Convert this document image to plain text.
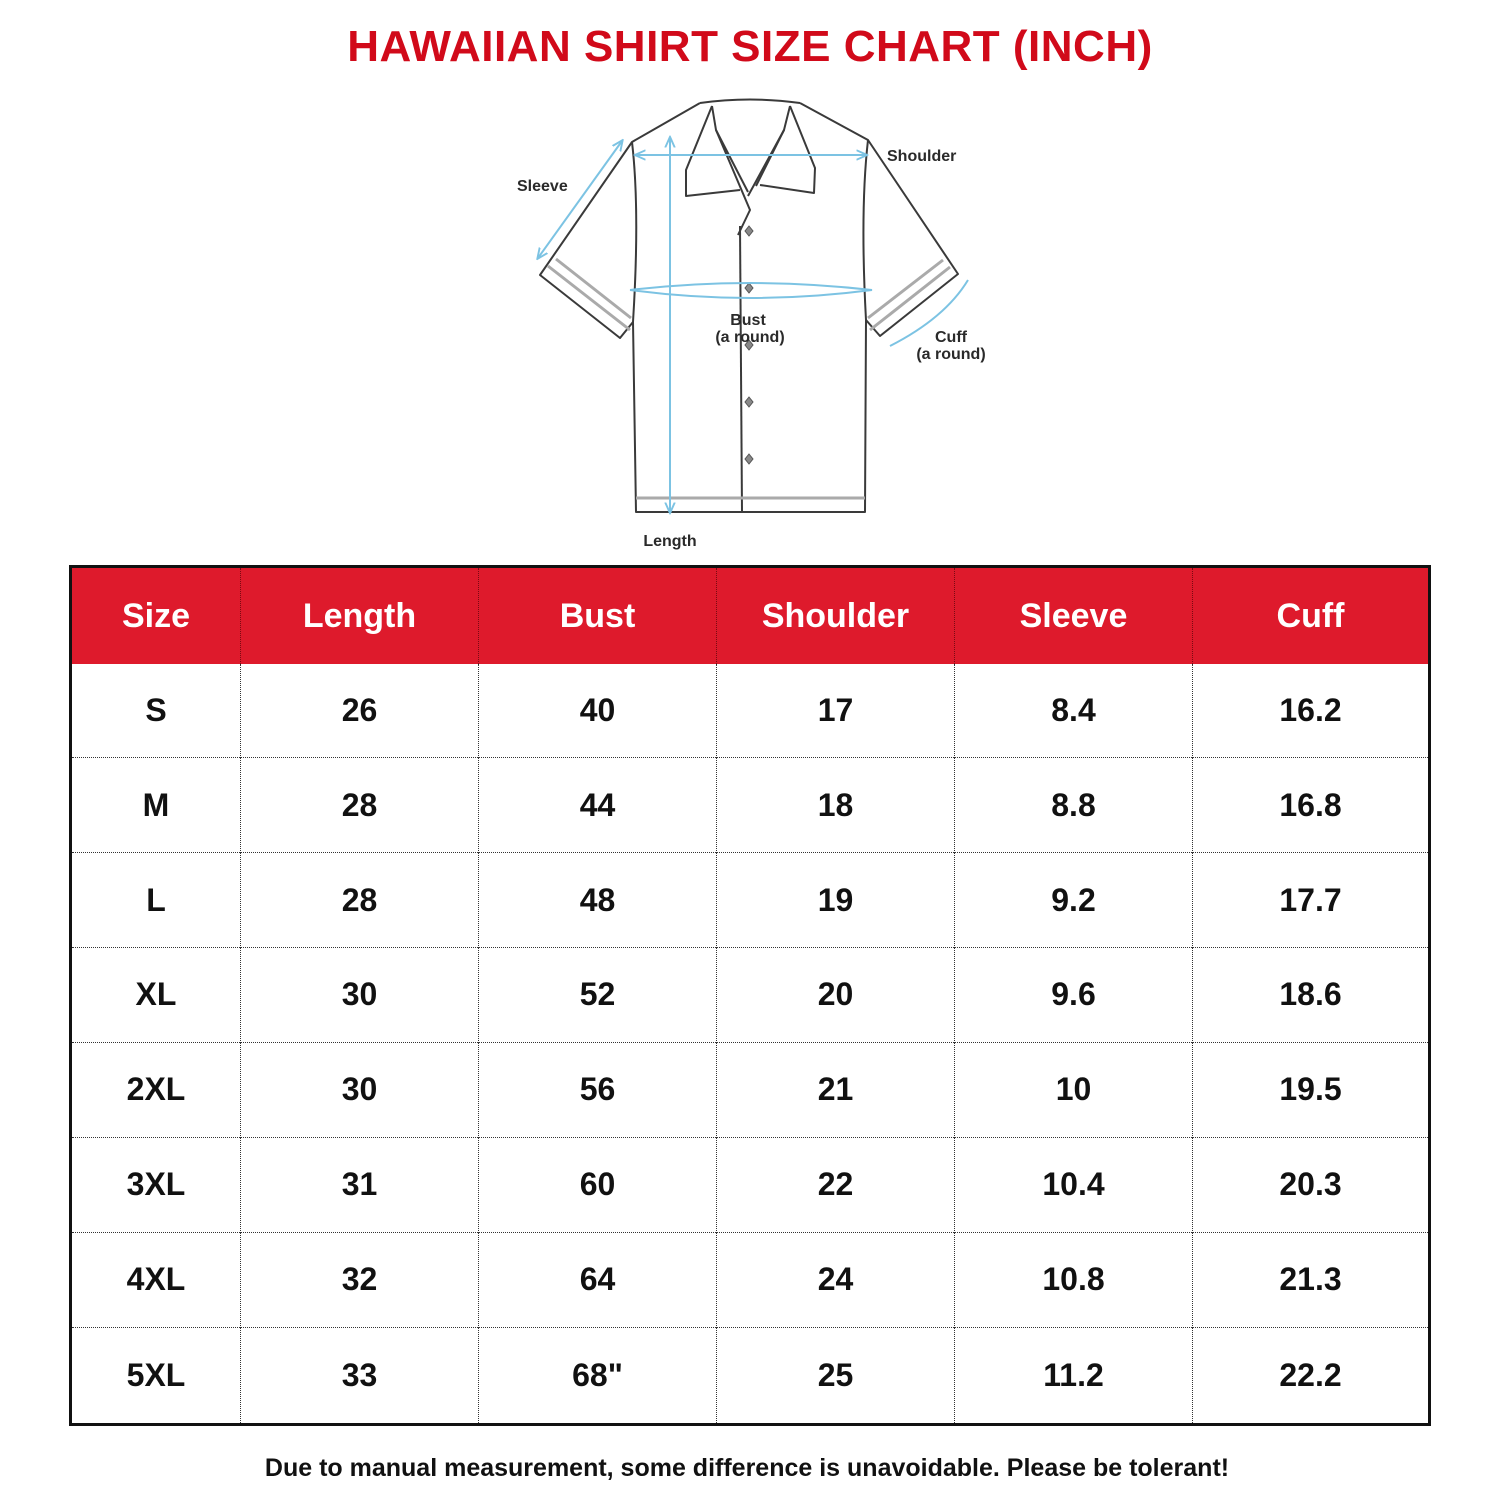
HAWAIIAN SHIRT SIZE CHART (INCH)
Sleeve
Shoulder
Bust
(a round)	Cuff
(a round)
Length
Size	Length	Bust	Shoulder	Sleeve	Cuff
S	26	40	17	8.4	16.2
M	28	44	18	8.8	16.8
L	28	48	19	9.2	17.7
XL	30	52	20	9.6	18.6
2XL	30	56	21	10	19.5
3XL	31	60	22	10.4	20.3
4XL	32	64	24	10.8	21.3
5XL	33	68"	25	11.2	22.2
Due to manual measurement, some difference is unavoidable. Please be tolerant!
